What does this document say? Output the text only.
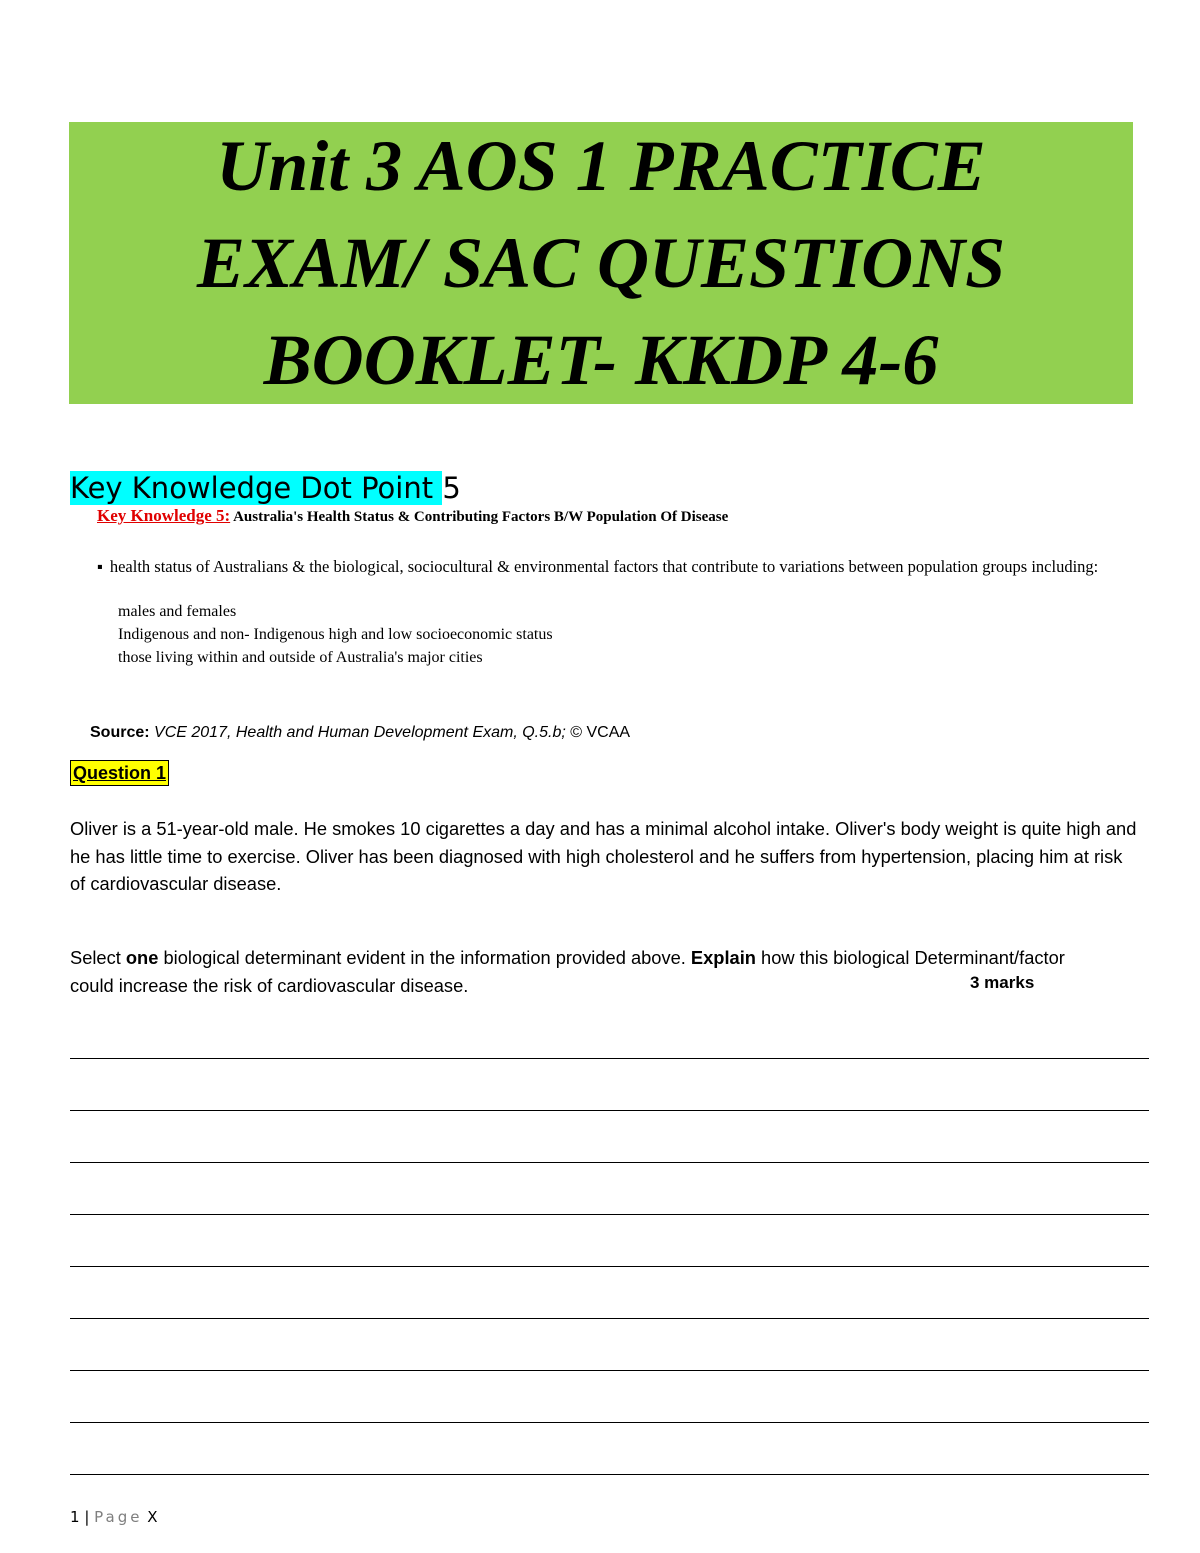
Unit 3 AOS 1 PRACTICE
EXAM/ SAC QUESTIONS
BOOKLET- KKDP 4-6
Key Knowledge Dot Point 5
Key Knowledge 5: Australia's Health Status & Contributing Factors B/W Population Of Disease
▪ health status of Australians & the biological, sociocultural & environmental factors that contribute to variations between population groups including:
males and females
Indigenous and non- Indigenous high and low socioeconomic status
those living within and outside of Australia's major cities
Source: VCE 2017, Health and Human Development Exam, Q.5.b; © VCAA
Question 1
Oliver is a 51-year-old male. He smokes 10 cigarettes a day and has a minimal alcohol intake. Oliver's body weight is quite high and he has little time to exercise. Oliver has been diagnosed with high cholesterol and he suffers from hypertension, placing him at risk of cardiovascular disease.
Select one biological determinant evident in the information provided above. Explain how this biological Determinant/factor could increase the risk of cardiovascular disease.	3 marks
1 | Page X
